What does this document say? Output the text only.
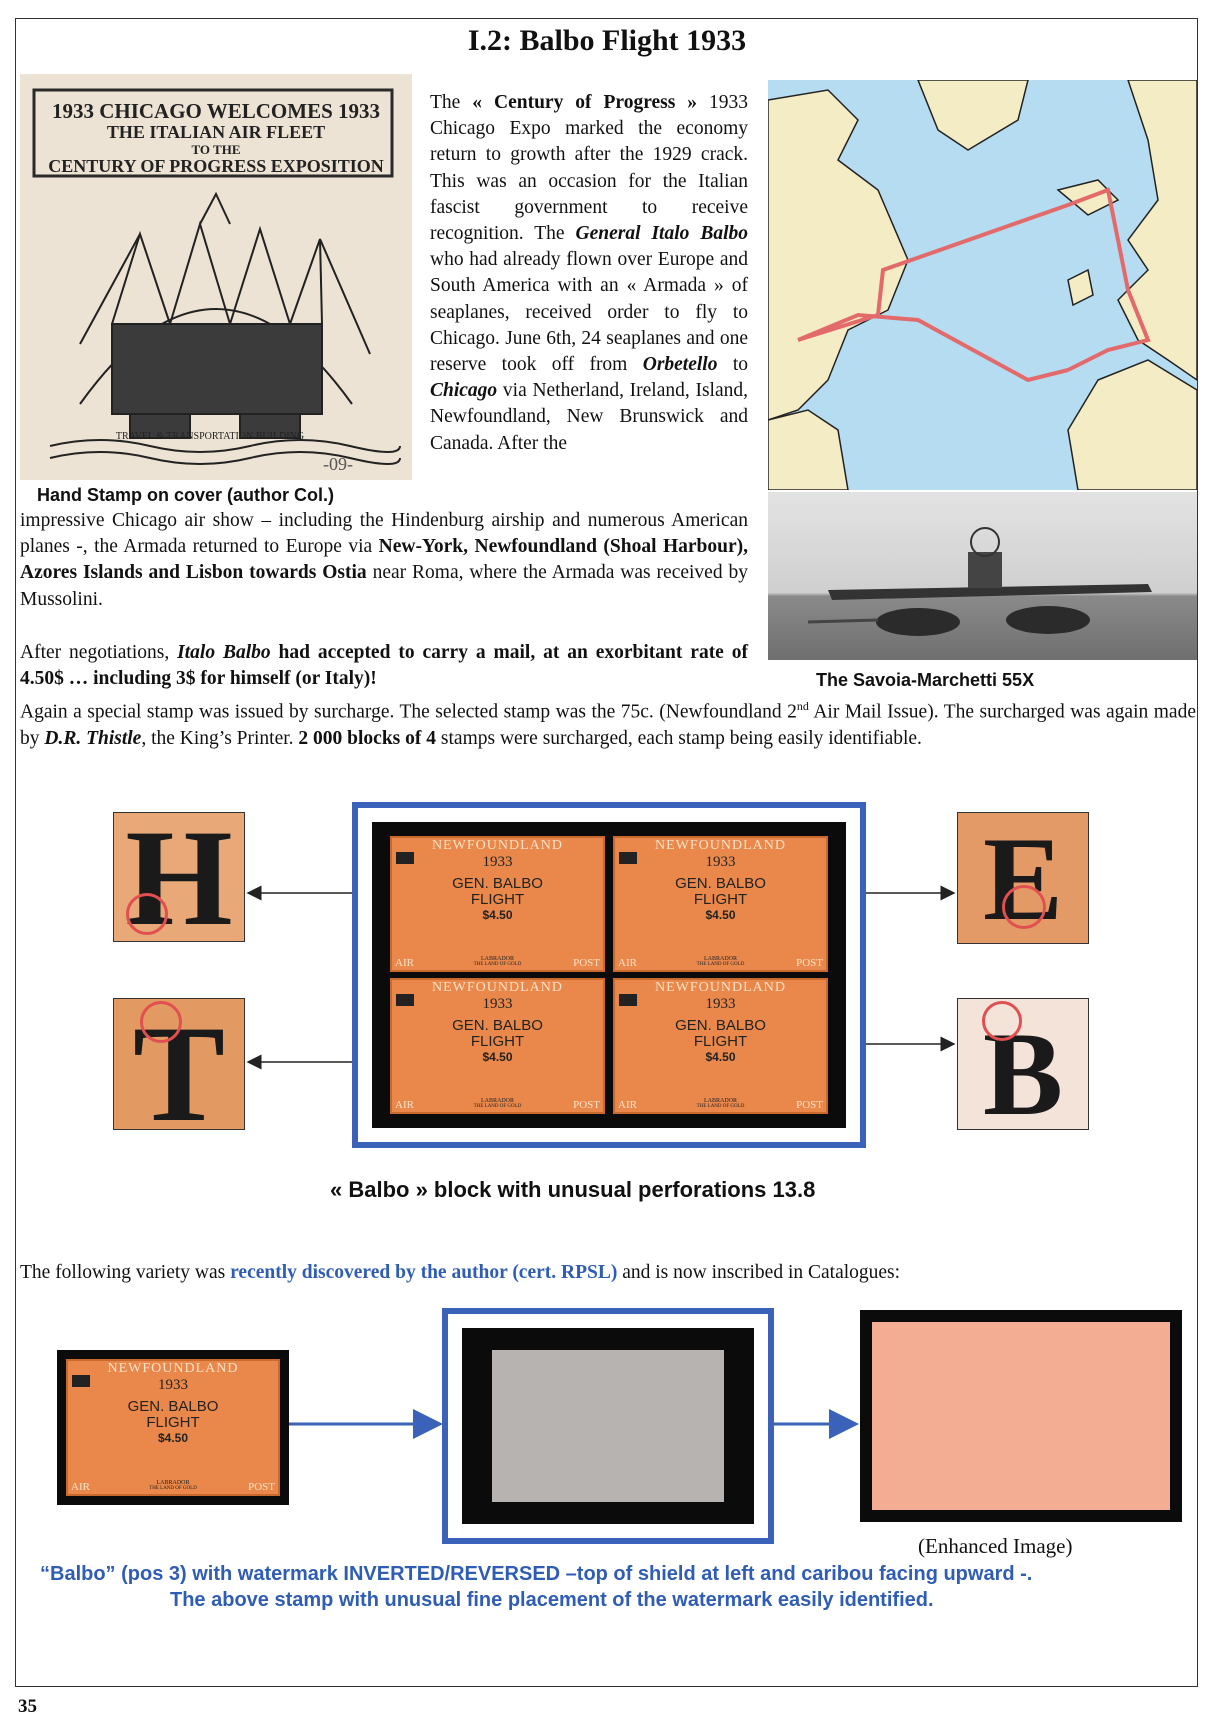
I.2: Balbo Flight 1933
1933 CHICAGO WELCOMES 1933
THE ITALIAN AIR FLEET
TO THE
CENTURY OF PROGRESS EXPOSITION
TRAVEL & TRANSPORTATION BUILDING
-09-
Hand Stamp on cover (author Col.)

The « Century of Progress » 1933 Chicago Expo marked the economy return to growth after the 1929 crack. This was an occasion for the Italian fascist government to receive recognition. The General Italo Balbo who had already flown over Europe and South America with an « Armada » of seaplanes, received order to fly to Chicago. June 6th, 24 seaplanes and one reserve took off from Orbetello to Chicago via Netherland, Ireland, Island, Newfoundland, New Brunswick and Canada. After the

impressive Chicago air show – including the Hindenburg airship and numerous American planes -, the Armada returned to Europe via New-York, Newfoundland (Shoal Harbour), Azores Islands and Lisbon towards Ostia near Roma, where the Armada was received by Mussolini.

After negotiations, Italo Balbo had accepted to carry a mail, at an exorbitant rate of 4.50$ … including 3$ for himself (or Italy)!	The Savoia-Marchetti 55X

Again a special stamp was issued by surcharge. The selected stamp was the 75c. (Newfoundland 2nd Air Mail Issue). The surcharged was again made by D.R. Thistle, the King’s Printer. 2 000 blocks of 4 stamps were surcharged, each stamp being easily identifiable.

H
T
E
B
NEWFOUNDLAND
1933
75
GEN. BALBO
FLIGHT
$4.50
AIR	POST
LABRADOR
THE LAND OF GOLD
NEWFOUNDLAND
1933
75
GEN. BALBO
FLIGHT
$4.50
AIR	POST
LABRADOR
THE LAND OF GOLD
NEWFOUNDLAND
1933
75
GEN. BALBO
FLIGHT
$4.50
AIR	POST
LABRADOR
THE LAND OF GOLD
NEWFOUNDLAND
1933
75
GEN. BALBO
FLIGHT
$4.50
AIR	POST
LABRADOR
THE LAND OF GOLD
« Balbo » block with unusual perforations 13.8

The following variety was recently discovered by the author (cert. RPSL) and is now inscribed in Catalogues:

NEWFOUNDLAND
1933
75
GEN. BALBO
FLIGHT
$4.50
AIR	POST
LABRADOR
THE LAND OF GOLD
(Enhanced Image)
“Balbo” (pos 3) with watermark INVERTED/REVERSED –top of shield at left and caribou facing upward -.
The above stamp with unusual fine placement of the watermark easily identified.
35
